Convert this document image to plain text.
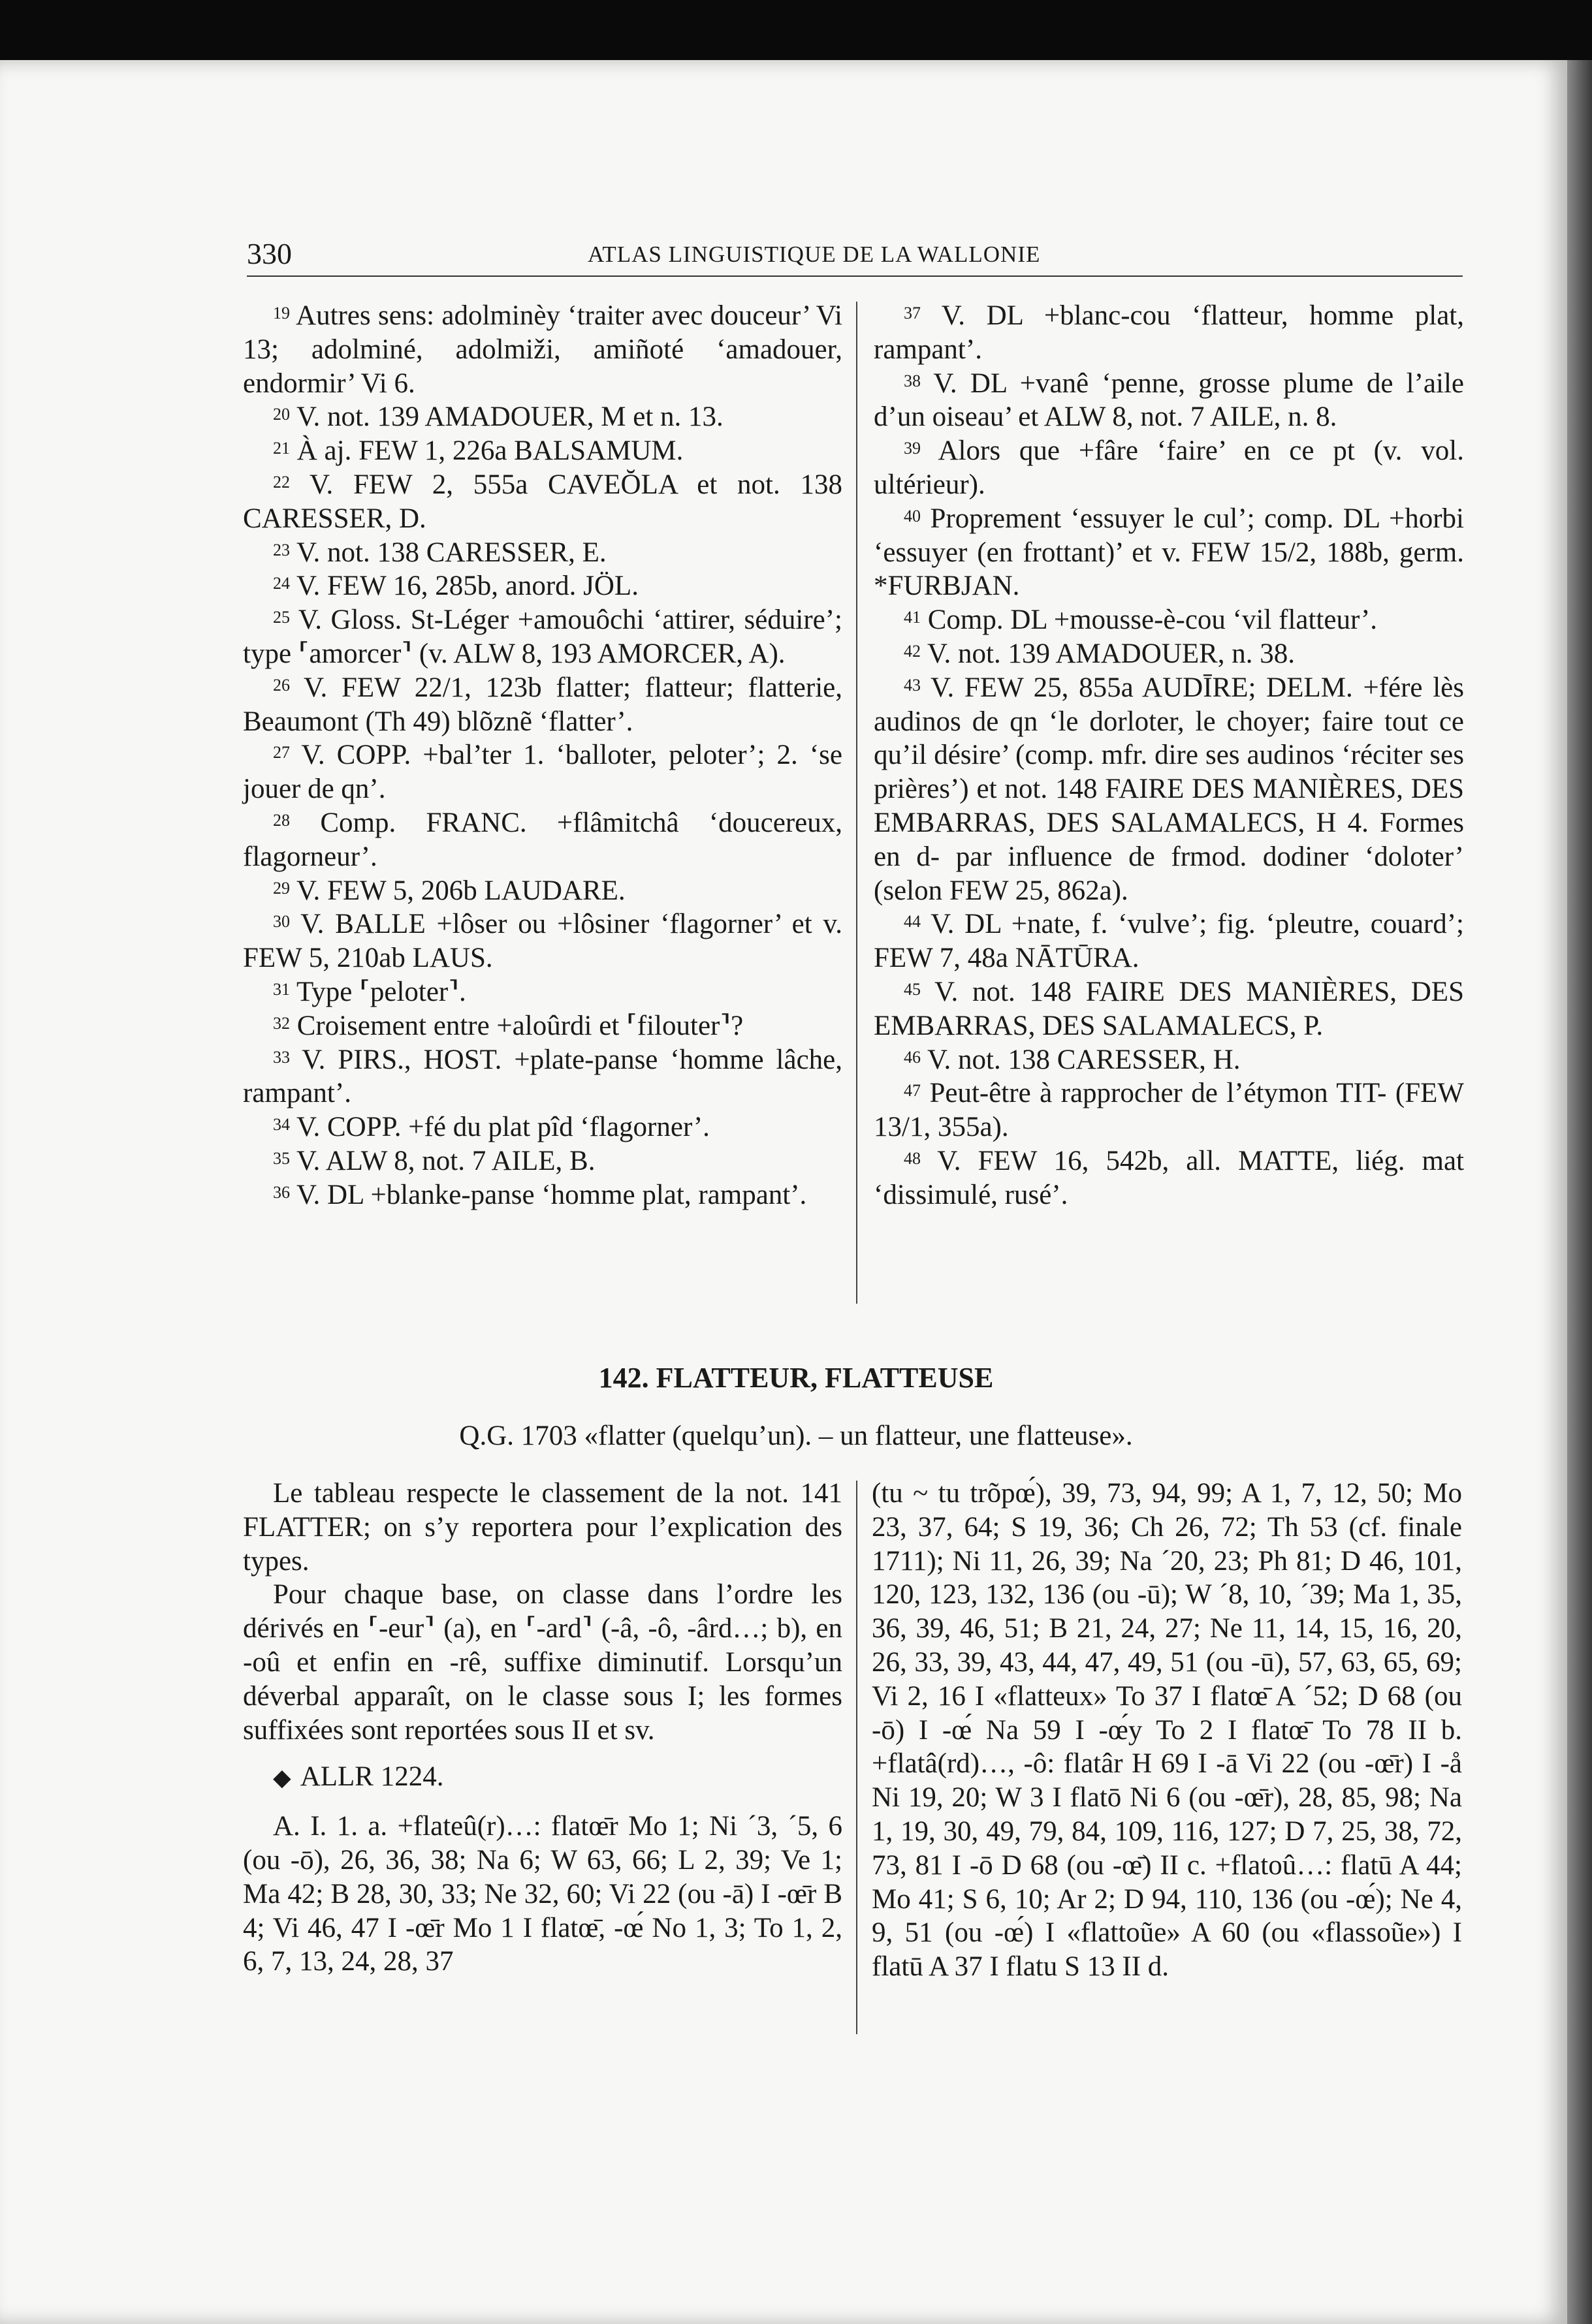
330	ATLAS LINGUISTIQUE DE LA WALLONIE

$^{19}$ Autres sens: adolminèy ‘traiter avec douceur’ Vi 13; adolminé, adolmiži, amiñoté ‘amadouer, endormir’ Vi 6.

$^{20}$ V. not. 139 AMADOUER, M et n. 13.

$^{21}$ À aj. FEW 1, 226a BALSAMUM.

$^{22}$ V. FEW 2, 555a CAVEŎLA et not. 138 CARESSER, D.

$^{23}$ V. not. 138 CARESSER, E.

$^{24}$ V. FEW 16, 285b, anord. JÖL.

$^{25}$ V. Gloss. St-Léger +amouôchi ‘attirer, séduire’; type ⸢amorcer⸣ (v. ALW 8, 193 AMORCER, A).

$^{26}$ V. FEW 22/1, 123b flatter; flatteur; flatterie, Beaumont (Th 49) blõznẽ ‘flatter’.

$^{27}$ V. COPP. +bal’ter 1. ‘balloter, peloter’; 2. ‘se jouer de qn’.

$^{28}$ Comp. FRANC. +flâmitchâ ‘doucereux, flagorneur’.

$^{29}$ V. FEW 5, 206b LAUDARE.

$^{30}$ V. BALLE +lôser ou +lôsiner ‘flagorner’ et v. FEW 5, 210ab LAUS.

$^{31}$ Type ⸢peloter⸣.

$^{32}$ Croisement entre +aloûrdi et ⸢filouter⸣?

$^{33}$ V. PIRS., HOST. +plate-panse ‘homme lâche, rampant’.

$^{34}$ V. COPP. +fé du plat pîd ‘flagorner’.

$^{35}$ V. ALW 8, not. 7 AILE, B.

$^{36}$ V. DL +blanke-panse ‘homme plat, rampant’.

$^{37}$ V. DL +blanc-cou ‘flatteur, homme plat, rampant’.

$^{38}$ V. DL +vanê ‘penne, grosse plume de l’aile d’un oiseau’ et ALW 8, not. 7 AILE, n. 8.

$^{39}$ Alors que +fâre ‘faire’ en ce pt (v. vol. ultérieur).

$^{40}$ Proprement ‘essuyer le cul’; comp. DL +horbi ‘essuyer (en frottant)’ et v. FEW 15/2, 188b, germ. *FURBJAN.

$^{41}$ Comp. DL +mousse-è-cou ‘vil flatteur’.

$^{42}$ V. not. 139 AMADOUER, n. 38.

$^{43}$ V. FEW 25, 855a AUDĪRE; DELM. +fére lès audinos de qn ‘le dorloter, le choyer; faire tout ce qu’il désire’ (comp. mfr. dire ses audinos ‘réciter ses prières’) et not. 148 FAIRE DES MANIÈRES, DES EMBARRAS, DES SALAMALECS, H 4. Formes en d- par influence de frmod. dodiner ‘doloter’ (selon FEW 25, 862a).

$^{44}$ V. DL +nate, f. ‘vulve’; fig. ‘pleutre, couard’; FEW 7, 48a NĀTŪRA.

$^{45}$ V. not. 148 FAIRE DES MANIÈRES, DES EMBARRAS, DES SALAMALECS, P.

$^{46}$ V. not. 138 CARESSER, H.

$^{47}$ Peut-être à rapprocher de l’étymon TIT- (FEW 13/1, 355a).

$^{48}$ V. FEW 16, 542b, all. MATTE, liég. mat ‘dissimulé, rusé’.

142. FLATTEUR, FLATTEUSE
Q.G. 1703 «flatter (quelqu’un). – un flatteur, une flatteuse».

Le tableau respecte le classement de la not. 141 FLATTER; on s’y reportera pour l’explication des types.

Pour chaque base, on classe dans l’ordre les dérivés en ⸢-eur⸣ (a), en ⸢-ard⸣ (-â, -ô, -ârd…; b), en -oû et enfin en -rê, suffixe diminutif. Lorsqu’un déverbal apparaît, on le classe sous I; les formes suffixées sont reportées sous II et sv.

◆ ALLR 1224.

A. I. 1. a. +flateû(r)…: flatœ̄r Mo 1; Ni ´3, ´5, 6 (ou -ō), 26, 36, 38; Na 6; W 63, 66; L 2, 39; Ve 1; Ma 42; B 28, 30, 33; Ne 32, 60; Vi 22 (ou -ā) I -œ̄r B 4; Vi 46, 47 I -œ̄r Mo 1 I flatœ̄, -œ́ No 1, 3; To 1, 2, 6, 7, 13, 24, 28, 37

(tu ~ tu trõpœ́), 39, 73, 94, 99; A 1, 7, 12, 50; Mo 23, 37, 64; S 19, 36; Ch 26, 72; Th 53 (cf. finale 1711); Ni 11, 26, 39; Na ´20, 23; Ph 81; D 46, 101, 120, 123, 132, 136 (ou -ū); W ´8, 10, ´39; Ma 1, 35, 36, 39, 46, 51; B 21, 24, 27; Ne 11, 14, 15, 16, 20, 26, 33, 39, 43, 44, 47, 49, 51 (ou -ū), 57, 63, 65, 69; Vi 2, 16 I «flatteux» To 37 I flatœ̄ A ´52; D 68 (ou -ō) I -œ́ Na 59 I -œ́y To 2 I flatœ̄ To 78 II b. +flatâ(rd)…, -ô: flatâr H 69 I -ā Vi 22 (ou -œ̄r) I -å Ni 19, 20; W 3 I flatō Ni 6 (ou -œ̄r), 28, 85, 98; Na 1, 19, 30, 49, 79, 84, 109, 116, 127; D 7, 25, 38, 72, 73, 81 I -ō D 68 (ou -œ̄) II c. +flatoû…: flatū A 44; Mo 41; S 6, 10; Ar 2; D 94, 110, 136 (ou -œ́); Ne 4, 9, 51 (ou -œ́) I «flattoũe» A 60 (ou «flassoũe») I flatū A 37 I flatu S 13 II d.
